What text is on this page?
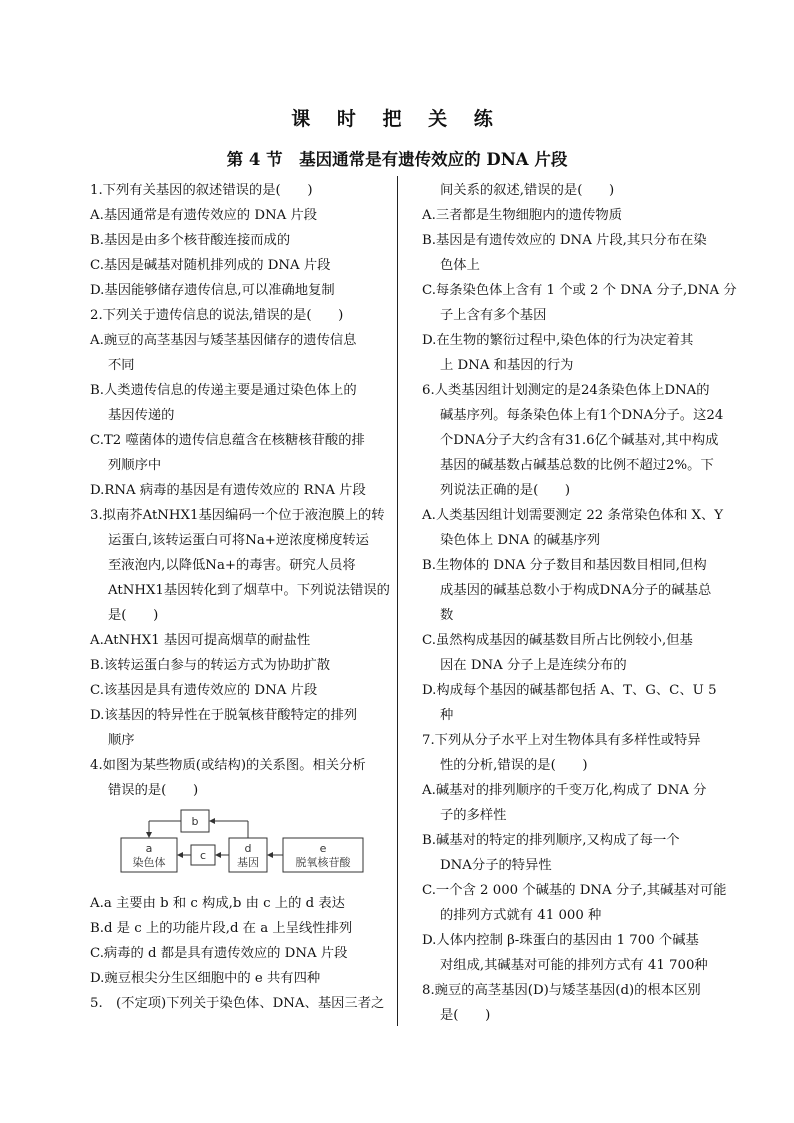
课 时 把 关 练
第 4 节　基因通常是有遗传效应的 DNA 片段
1.下列有关基因的叙述错误的是(　　)
A.基因通常是有遗传效应的 DNA 片段
B.基因是由多个核苷酸连接而成的
C.基因是碱基对随机排列成的 DNA 片段
D.基因能够储存遗传信息,可以准确地复制
2.下列关于遗传信息的说法,错误的是(　　)
A.豌豆的高茎基因与矮茎基因储存的遗传信息
不同
B.人类遗传信息的传递主要是通过染色体上的
基因传递的
C.T2 噬菌体的遗传信息蕴含在核糖核苷酸的排
列顺序中
D.RNA 病毒的基因是有遗传效应的 RNA 片段
3.拟南芥AtNHX1基因编码一个位于液泡膜上的转
运蛋白,该转运蛋白可将Na+逆浓度梯度转运
至液泡内,以降低Na+的毒害。研究人员将
AtNHX1基因转化到了烟草中。下列说法错误的
是(　　)
A.AtNHX1 基因可提高烟草的耐盐性
B.该转运蛋白参与的转运方式为协助扩散
C.该基因是具有遗传效应的 DNA 片段
D.该基因的特异性在于脱氧核苷酸特定的排列
顺序
4.如图为某些物质(或结构)的关系图。相关分析
错误的是(　　)
b
a
染色体
c
d
基因
e
脱氧核苷酸
A.a 主要由 b 和 c 构成,b 由 c 上的 d 表达
B.d 是 c 上的功能片段,d 在 a 上呈线性排列
C.病毒的 d 都是具有遗传效应的 DNA 片段
D.豌豆根尖分生区细胞中的 e 共有四种
5.　(不定项)下列关于染色体、DNA、基因三者之
间关系的叙述,错误的是(　　)
A.三者都是生物细胞内的遗传物质
B.基因是有遗传效应的 DNA 片段,其只分布在染
色体上
C.每条染色体上含有 1 个或 2 个 DNA 分子,DNA 分
子上含有多个基因
D.在生物的繁衍过程中,染色体的行为决定着其
上 DNA 和基因的行为
6.人类基因组计划测定的是24条染色体上DNA的
碱基序列。每条染色体上有1个DNA分子。这24
个DNA分子大约含有31.6亿个碱基对,其中构成
基因的碱基数占碱基总数的比例不超过2%。下
列说法正确的是(　　)
A.人类基因组计划需要测定 22 条常染色体和 X、Y
染色体上 DNA 的碱基序列
B.生物体的 DNA 分子数目和基因数目相同,但构
成基因的碱基总数小于构成DNA分子的碱基总
数
C.虽然构成基因的碱基数目所占比例较小,但基
因在 DNA 分子上是连续分布的
D.构成每个基因的碱基都包括 A、T、G、C、U 5
种
7.下列从分子水平上对生物体具有多样性或特异
性的分析,错误的是(　　)
A.碱基对的排列顺序的千变万化,构成了 DNA 分
子的多样性
B.碱基对的特定的排列顺序,又构成了每一个
DNA分子的特异性
C.一个含 2 000 个碱基的 DNA 分子,其碱基对可能
的排列方式就有 41 000 种
D.人体内控制 β-珠蛋白的基因由 1 700 个碱基
对组成,其碱基对可能的排列方式有 41 700种
8.豌豆的高茎基因(D)与矮茎基因(d)的根本区别
是(　　)
